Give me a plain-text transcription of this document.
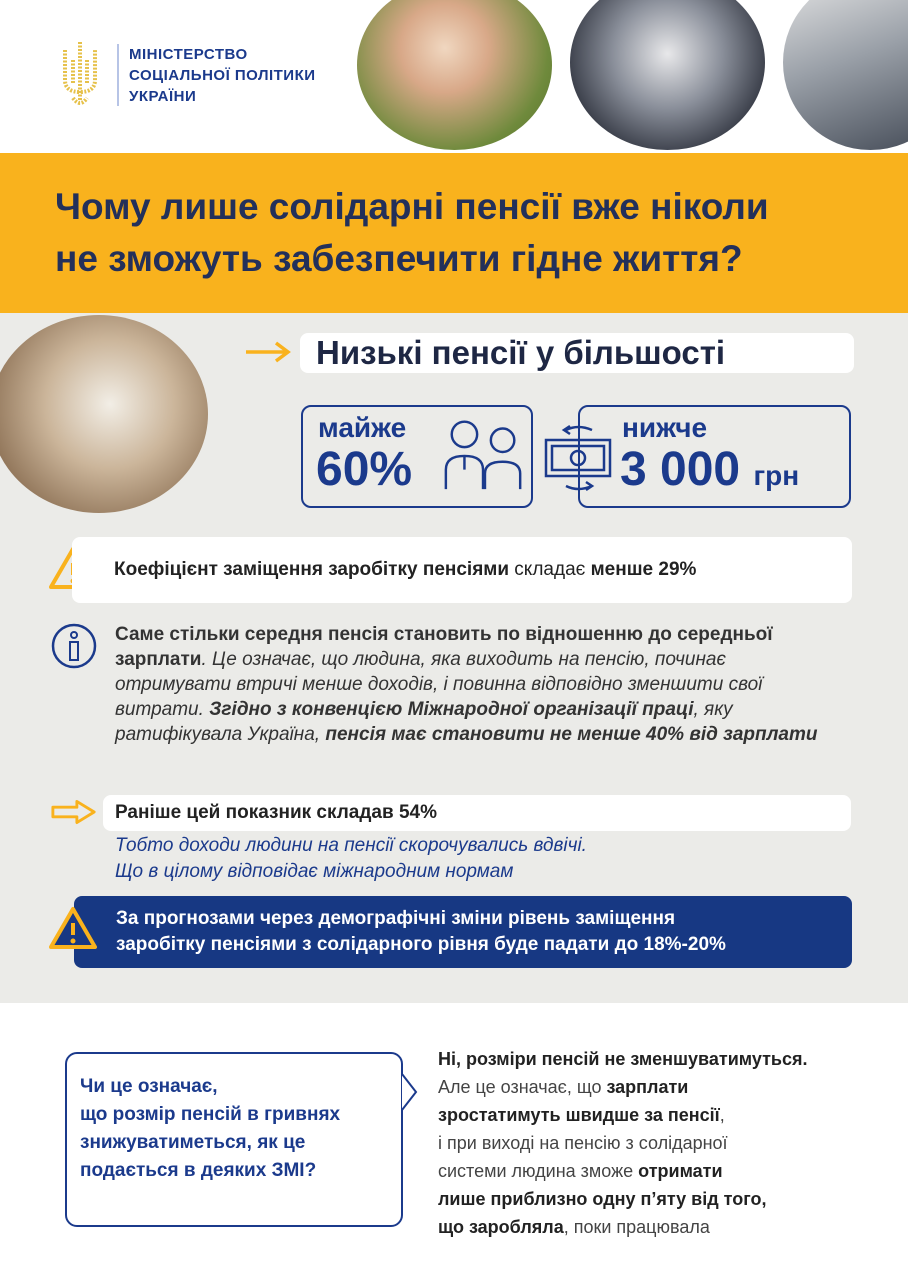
МІНІСТЕРСТВО
СОЦІАЛЬНОЇ ПОЛІТИКИ
УКРАЇНИ
Чому лише солідарні пенсії вже ніколи
не зможуть забезпечити гідне життя?
Низькі пенсії у більшості
майже
60%
нижче
3 000 грн
Коефіцієнт заміщення заробітку пенсіями складає менше 29%
Саме стільки середня пенсія становить по відношенню до середньої зарплати. Це означає, що людина, яка виходить на пенсію, починає отримувати втричі менше доходів, і повинна відповідно зменшити свої витрати. Згідно з конвенцією Міжнародної організації праці, яку ратифікувала Україна, пенсія має становити не менше 40% від зарплати
Раніше цей показник складав 54%
Тобто доходи людини на пенсії скорочувались вдвічі.
Що в цілому відповідає міжнародним нормам
За прогнозами через демографічні зміни рівень заміщення
заробітку пенсіями з солідарного рівня буде падати до 18%-20%
Чи це означає,
що розмір пенсій в гривнях
знижуватиметься, як це
подається в деяких ЗМІ?
Ні, розміри пенсій не зменшуватимуться.
Але це означає, що зарплати
зростатимуть швидше за пенсії,
і при виході на пенсію з солідарної
системи людина зможе отримати
лише приблизно одну п’яту від того,
що заробляла, поки працювала
